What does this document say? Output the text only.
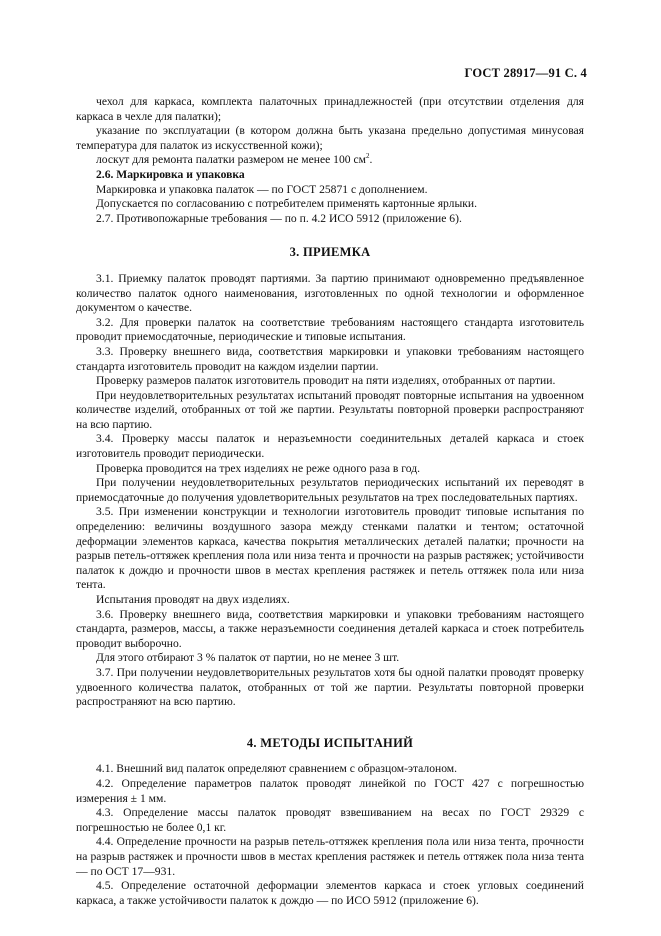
ГОСТ 28917—91 С. 4

чехол для каркаса, комплекта палаточных принадлежностей (при отсутствии отделения для каркаса в чехле для палатки);

указание по эксплуатации (в котором должна быть указана предельно допустимая минусовая температура для палаток из искусственной кожи);

лоскут для ремонта палатки размером не менее 100 $см^2$.

2.6. Маркировка и упаковка

Маркировка и упаковка палаток — по ГОСТ 25871 с дополнением.

Допускается по согласованию с потребителем применять картонные ярлыки.

2.7. Противопожарные требования — по п. 4.2 ИСО 5912 (приложение 6).

3. ПРИЕМКА

3.1. Приемку палаток проводят партиями. За партию принимают одновременно предъявленное количество палаток одного наименования, изготовленных по одной технологии и оформленное документом о качестве.

3.2. Для проверки палаток на соответствие требованиям настоящего стандарта изготовитель проводит приемосдаточные, периодические и типовые испытания.

3.3. Проверку внешнего вида, соответствия маркировки и упаковки требованиям настоящего стандарта изготовитель проводит на каждом изделии партии.

Проверку размеров палаток изготовитель проводит на пяти изделиях, отобранных от партии.

При неудовлетворительных результатах испытаний проводят повторные испытания на удвоенном количестве изделий, отобранных от той же партии. Результаты повторной проверки распространяют на всю партию.

3.4. Проверку массы палаток и неразъемности соединительных деталей каркаса и стоек изготовитель проводит периодически.

Проверка проводится на трех изделиях не реже одного раза в год.

При получении неудовлетворительных результатов периодических испытаний их переводят в приемосдаточные до получения удовлетворительных результатов на трех последовательных партиях.

3.5. При изменении конструкции и технологии изготовитель проводит типовые испытания по определению: величины воздушного зазора между стенками палатки и тентом; остаточной деформации элементов каркаса, качества покрытия металлических деталей палатки; прочности на разрыв петель-оттяжек крепления пола или низа тента и прочности на разрыв растяжек; устойчивости палаток к дождю и прочности швов в местах крепления растяжек и петель оттяжек пола или низа тента.

Испытания проводят на двух изделиях.

3.6. Проверку внешнего вида, соответствия маркировки и упаковки требованиям настоящего стандарта, размеров, массы, а также неразъемности соединения деталей каркаса и стоек потребитель проводит выборочно.

Для этого отбирают 3 % палаток от партии, но не менее 3 шт.

3.7. При получении неудовлетворительных результатов хотя бы одной палатки проводят проверку удвоенного количества палаток, отобранных от той же партии. Результаты повторной проверки распространяют на всю партию.

4. МЕТОДЫ ИСПЫТАНИЙ

4.1. Внешний вид палаток определяют сравнением с образцом-эталоном.

4.2. Определение параметров палаток проводят линейкой по ГОСТ 427 с погрешностью измерения ± 1 мм.

4.3. Определение массы палаток проводят взвешиванием на весах по ГОСТ 29329 с погрешностью не более 0,1 кг.

4.4. Определение прочности на разрыв петель-оттяжек крепления пола или низа тента, прочности на разрыв растяжек и прочности швов в местах крепления растяжек и петель оттяжек пола низа тента — по ОСТ 17—931.

4.5. Определение остаточной деформации элементов каркаса и стоек угловых соединений каркаса, а также устойчивости палаток к дождю — по ИСО 5912 (приложение 6).
